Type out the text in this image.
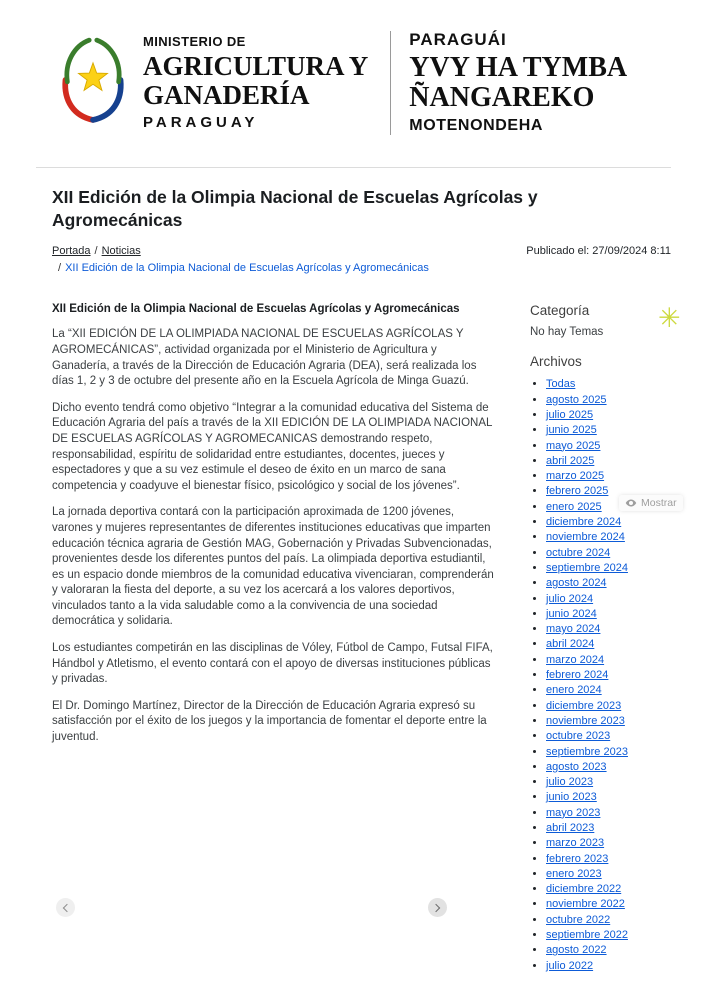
MINISTERIO DE
AGRICULTURA Y
GANADERÍA
PARAGUAY
PARAGUÁI
YVY HA TYMBA
ÑANGAREKO
MOTENONDEHA
XII Edición de la Olimpia Nacional de Escuelas Agrícolas y Agromecánicas
Portada / Noticias
/ XII Edición de la Olimpia Nacional de Escuelas Agrícolas y Agromecánicas
Publicado el: 27/09/2024 8:11
XII Edición de la Olimpia Nacional de Escuelas Agrícolas y Agromecánicas

La “XII EDICIÓN DE LA OLIMPIADA NACIONAL DE ESCUELAS AGRÍCOLAS Y AGROMECÁNICAS”, actividad organizada por el Ministerio de Agricultura y Ganadería, a través de la Dirección de Educación Agraria (DEA), será realizada los días 1, 2 y 3 de octubre del presente año en la Escuela Agrícola de Minga Guazú.

Dicho evento tendrá como objetivo “Integrar a la comunidad educativa del Sistema de Educación Agraria del país a través de la XII EDICIÓN DE LA OLIMPIADA NACIONAL DE ESCUELAS AGRÍCOLAS Y AGROMECANICAS demostrando respeto, responsabilidad, espíritu de solidaridad entre estudiantes, docentes, jueces y espectadores y que a su vez estimule el deseo de éxito en un marco de sana competencia y coadyuve el bienestar físico, psicológico y social de los jóvenes”.

La jornada deportiva contará con la participación aproximada de 1200 jóvenes, varones y mujeres representantes de diferentes instituciones educativas que imparten educación técnica agraria de Gestión MAG, Gobernación y Privadas Subvencionadas, provenientes desde los diferentes puntos del país. La olimpiada deportiva estudiantil, es un espacio donde miembros de la comunidad educativa vivenciaran, comprenderán y valoraran la fiesta del deporte, a su vez los acercará a los valores deportivos, vinculados tanto a la vida saludable como a la convivencia de una sociedad democrática y solidaria.

Los estudiantes competirán en las disciplinas de Vóley, Fútbol de Campo, Futsal FIFA, Hándbol y Atletismo, el evento contará con el apoyo de diversas instituciones públicas y privadas.

El Dr. Domingo Martínez, Director de la Dirección de Educación Agraria expresó su satisfacción por el éxito de los juegos y la importancia de fomentar el deporte entre la juventud.

Categoría
No hay Temas
Archivos
• Todas
• agosto 2025
• julio 2025
• junio 2025
• mayo 2025
• abril 2025
• marzo 2025
• febrero 2025
• enero 2025
• diciembre 2024
• noviembre 2024
• octubre 2024
• septiembre 2024
• agosto 2024
• julio 2024
• junio 2024
• mayo 2024
• abril 2024
• marzo 2024
• febrero 2024
• enero 2024
• diciembre 2023
• noviembre 2023
• octubre 2023
• septiembre 2023
• agosto 2023
• julio 2023
• junio 2023
• mayo 2023
• abril 2023
• marzo 2023
• febrero 2023
• enero 2023
• diciembre 2022
• noviembre 2022
• octubre 2022
• septiembre 2022
• agosto 2022
• julio 2022
✳
Mostrar
